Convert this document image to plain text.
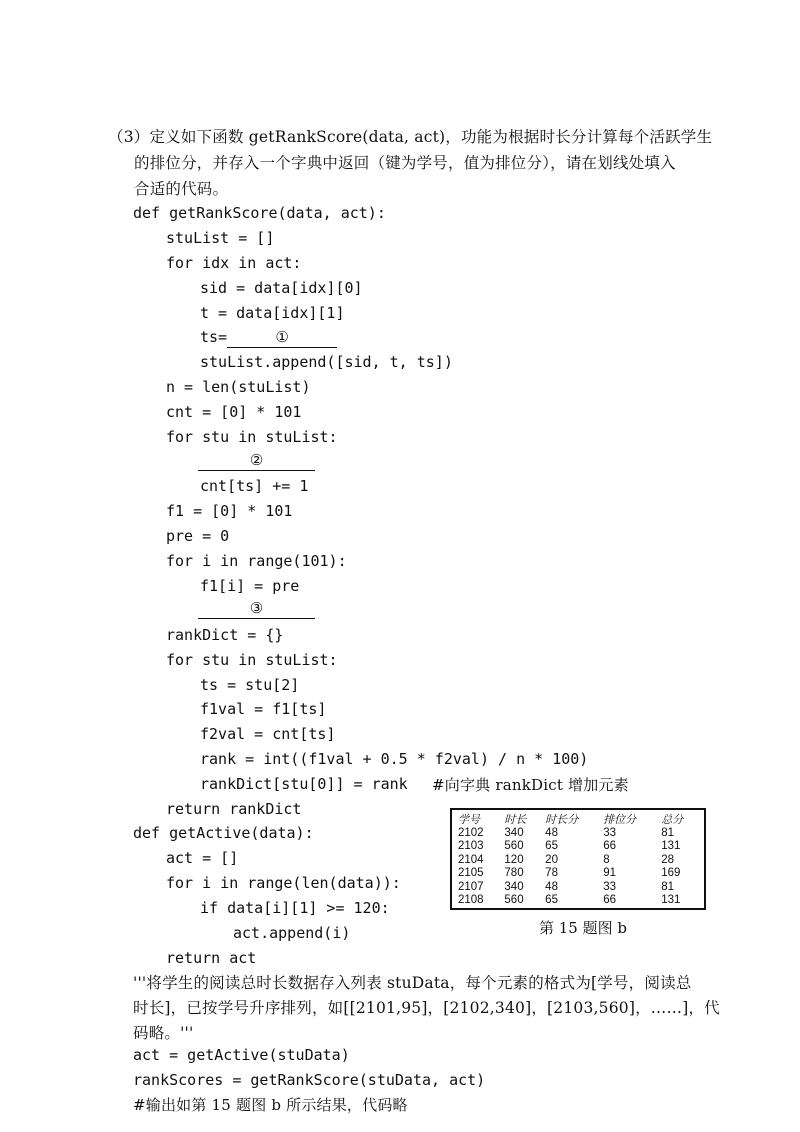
（3）定义如下函数 getRankScore(data, act)，功能为根据时长分计算每个活跃学生
的排位分，并存入一个字典中返回（键为学号，值为排位分），请在划线处填入
合适的代码。
def getRankScore(data, act):
stuList = []
for idx in act:
sid = data[idx][0]
t = data[idx][1]
ts=	①
stuList.append([sid, t, ts])
n = len(stuList)
cnt = [0] * 101
for stu in stuList:
②
cnt[ts] += 1
f1 = [0] * 101
pre = 0
for i in range(101):
f1[i] = pre
③
rankDict = {}
for stu in stuList:
ts = stu[2]
f1val = f1[ts]
f2val = cnt[ts]
rank = int((f1val + 0.5 * f2val) / n * 100)
rankDict[stu[0]] = rank #向字典 rankDict 增加元素
return rankDict
def getActive(data):
act = []
for i in range(len(data)):
if data[i][1] >= 120:
act.append(i)
return act
学号	时长	时长分	排位分	总分
2102	340	48	33	81
2103	560	65	66	131
2104	120	20	8	28
2105	780	78	91	169
2107	340	48	33	81
2108	560	65	66	131
第 15 题图 b
'''将学生的阅读总时长数据存入列表 stuData，每个元素的格式为[学号，阅读总
时长]，已按学号升序排列，如[[2101,95]，[2102,340]，[2103,560]，……]，代
码略。'''
act = getActive(stuData)
rankScores = getRankScore(stuData, act)
#输出如第 15 题图 b 所示结果，代码略
